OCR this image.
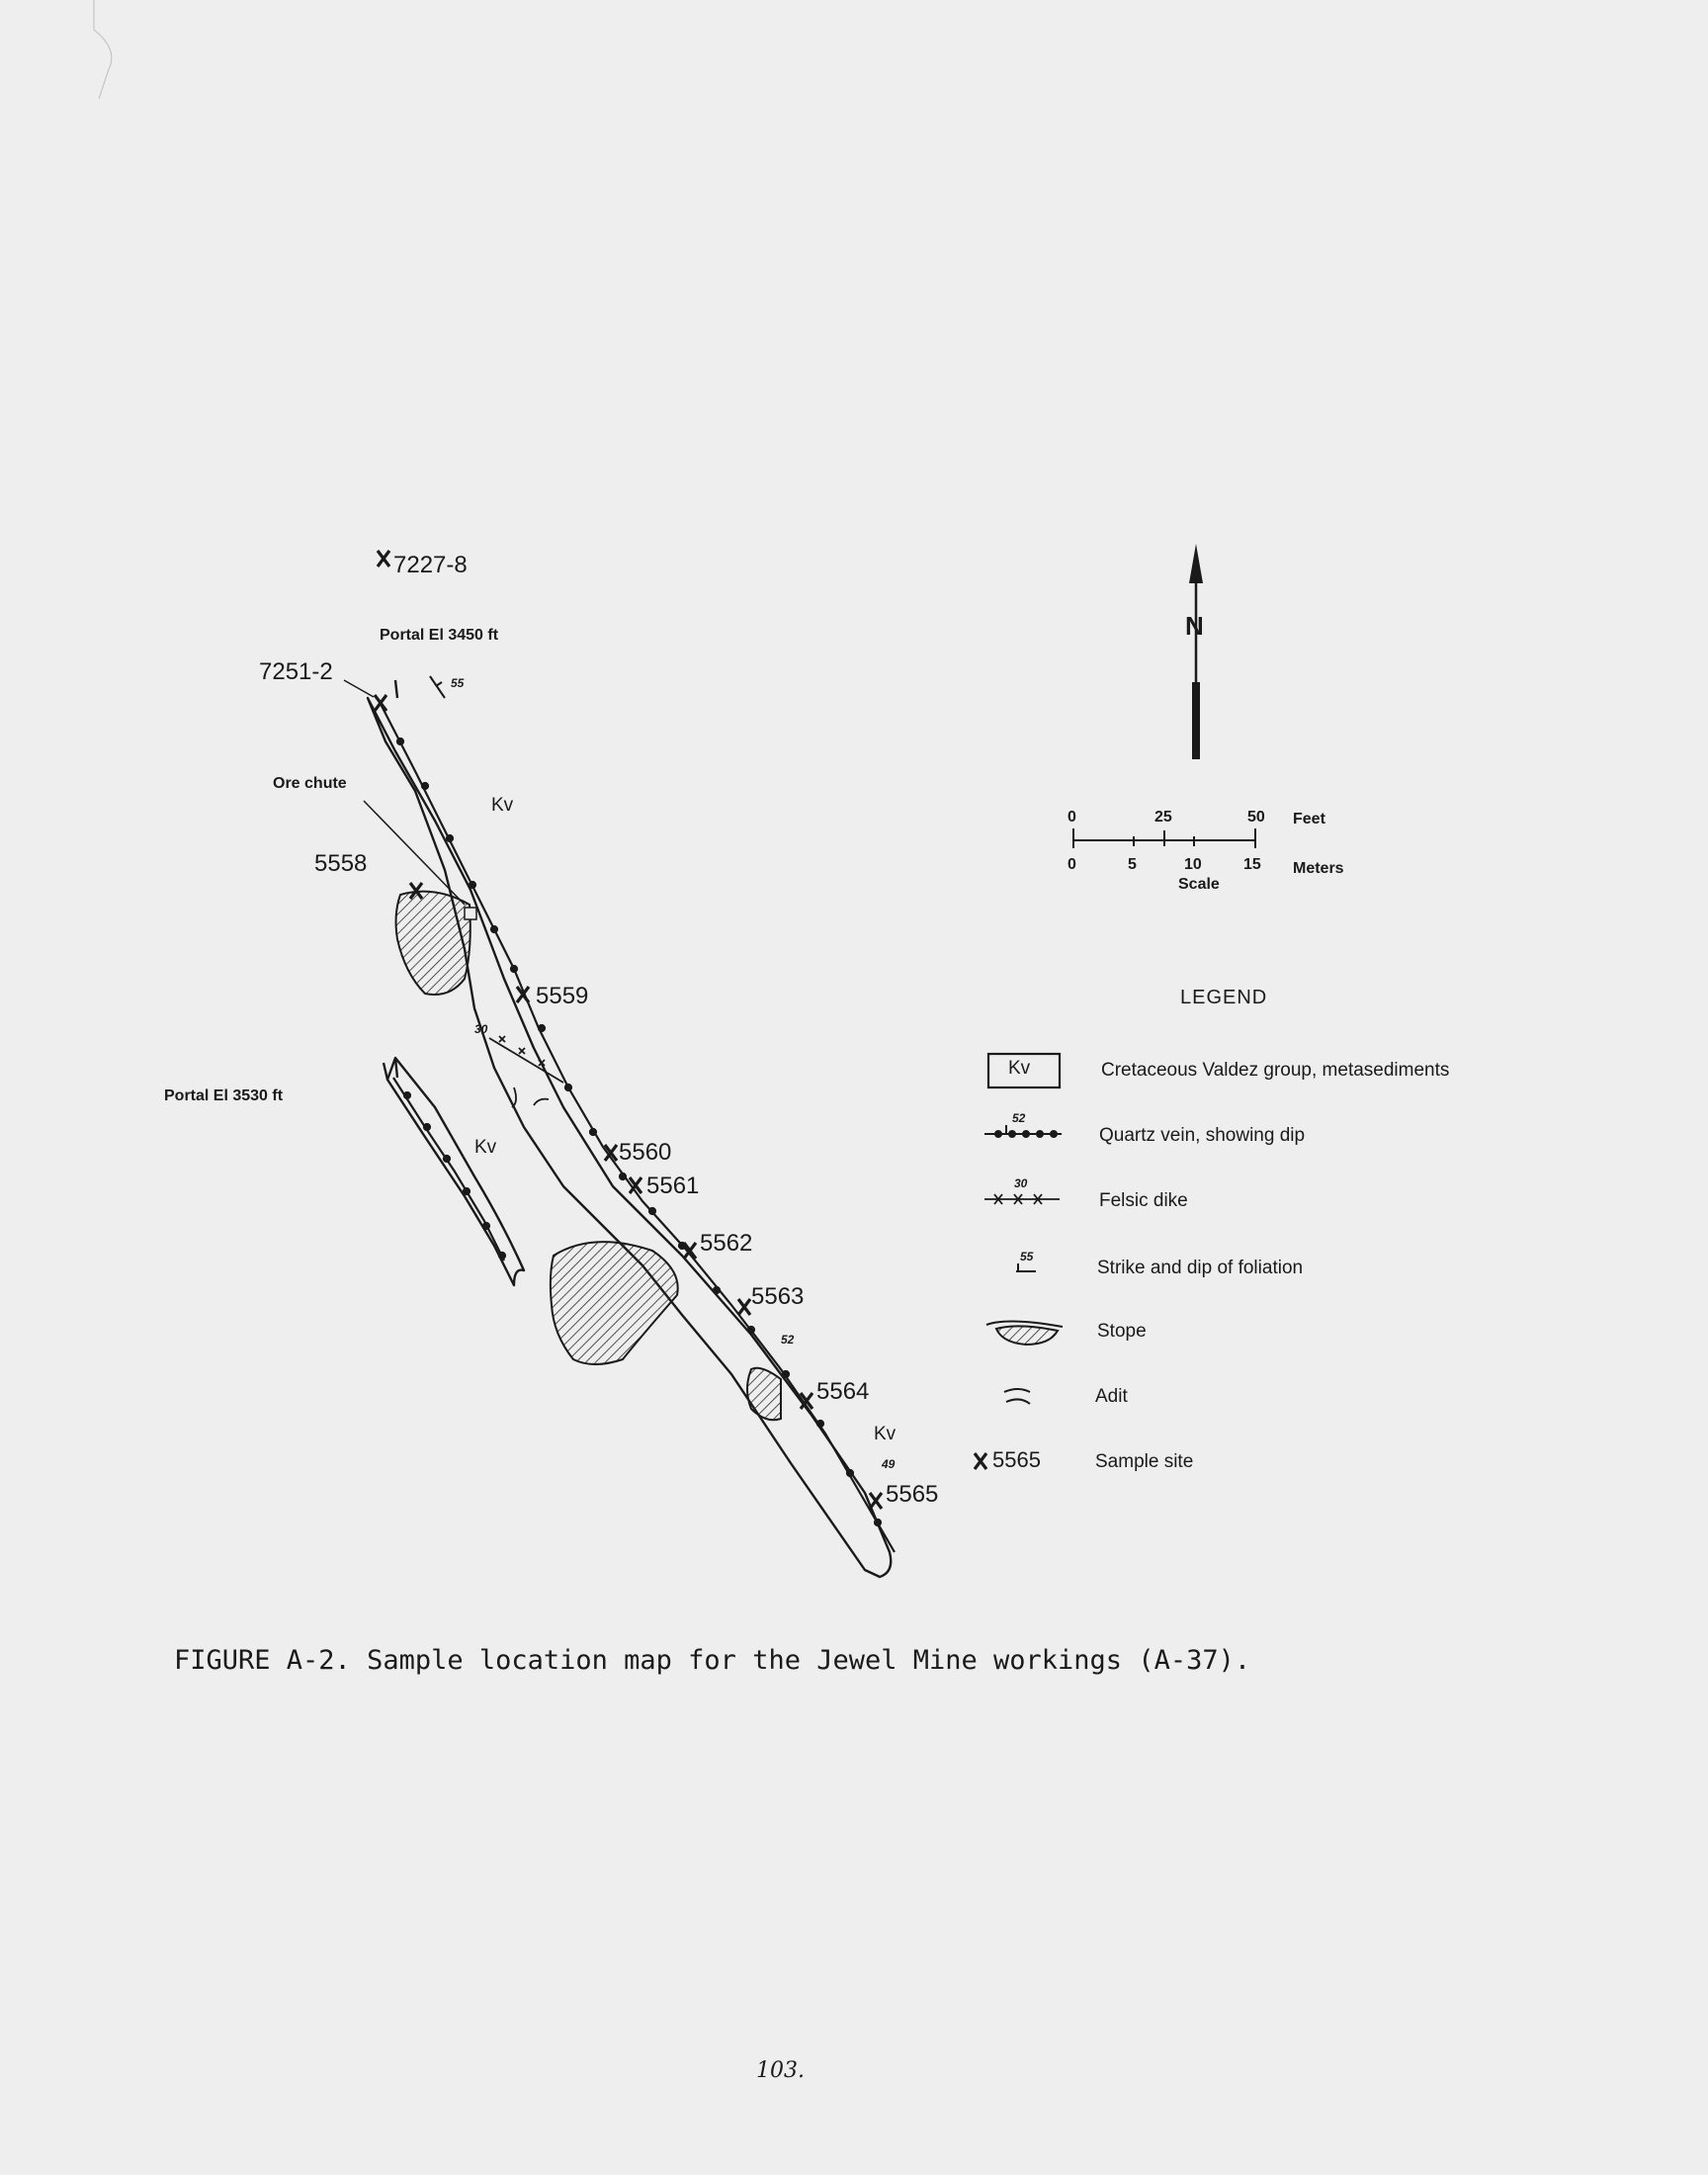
7227-8
Portal El 3450 ft
7251-2	55
Ore chute
Kv
5558
5559
30
Portal El 3530 ft
Kv	5560
5561
5562
5563
52
5564
Kv
49
5565
N
0	25	50 Feet
0	5	10	15 Meters
Scale
LEGEND
Kv	Cretaceous Valdez group, metasediments
52
Quartz vein, showing dip
30
Felsic dike
55
Strike and dip of foliation
Stope
Adit
5565	Sample site
FIGURE A-2. Sample location map for the Jewel Mine workings (A-37).
103.
